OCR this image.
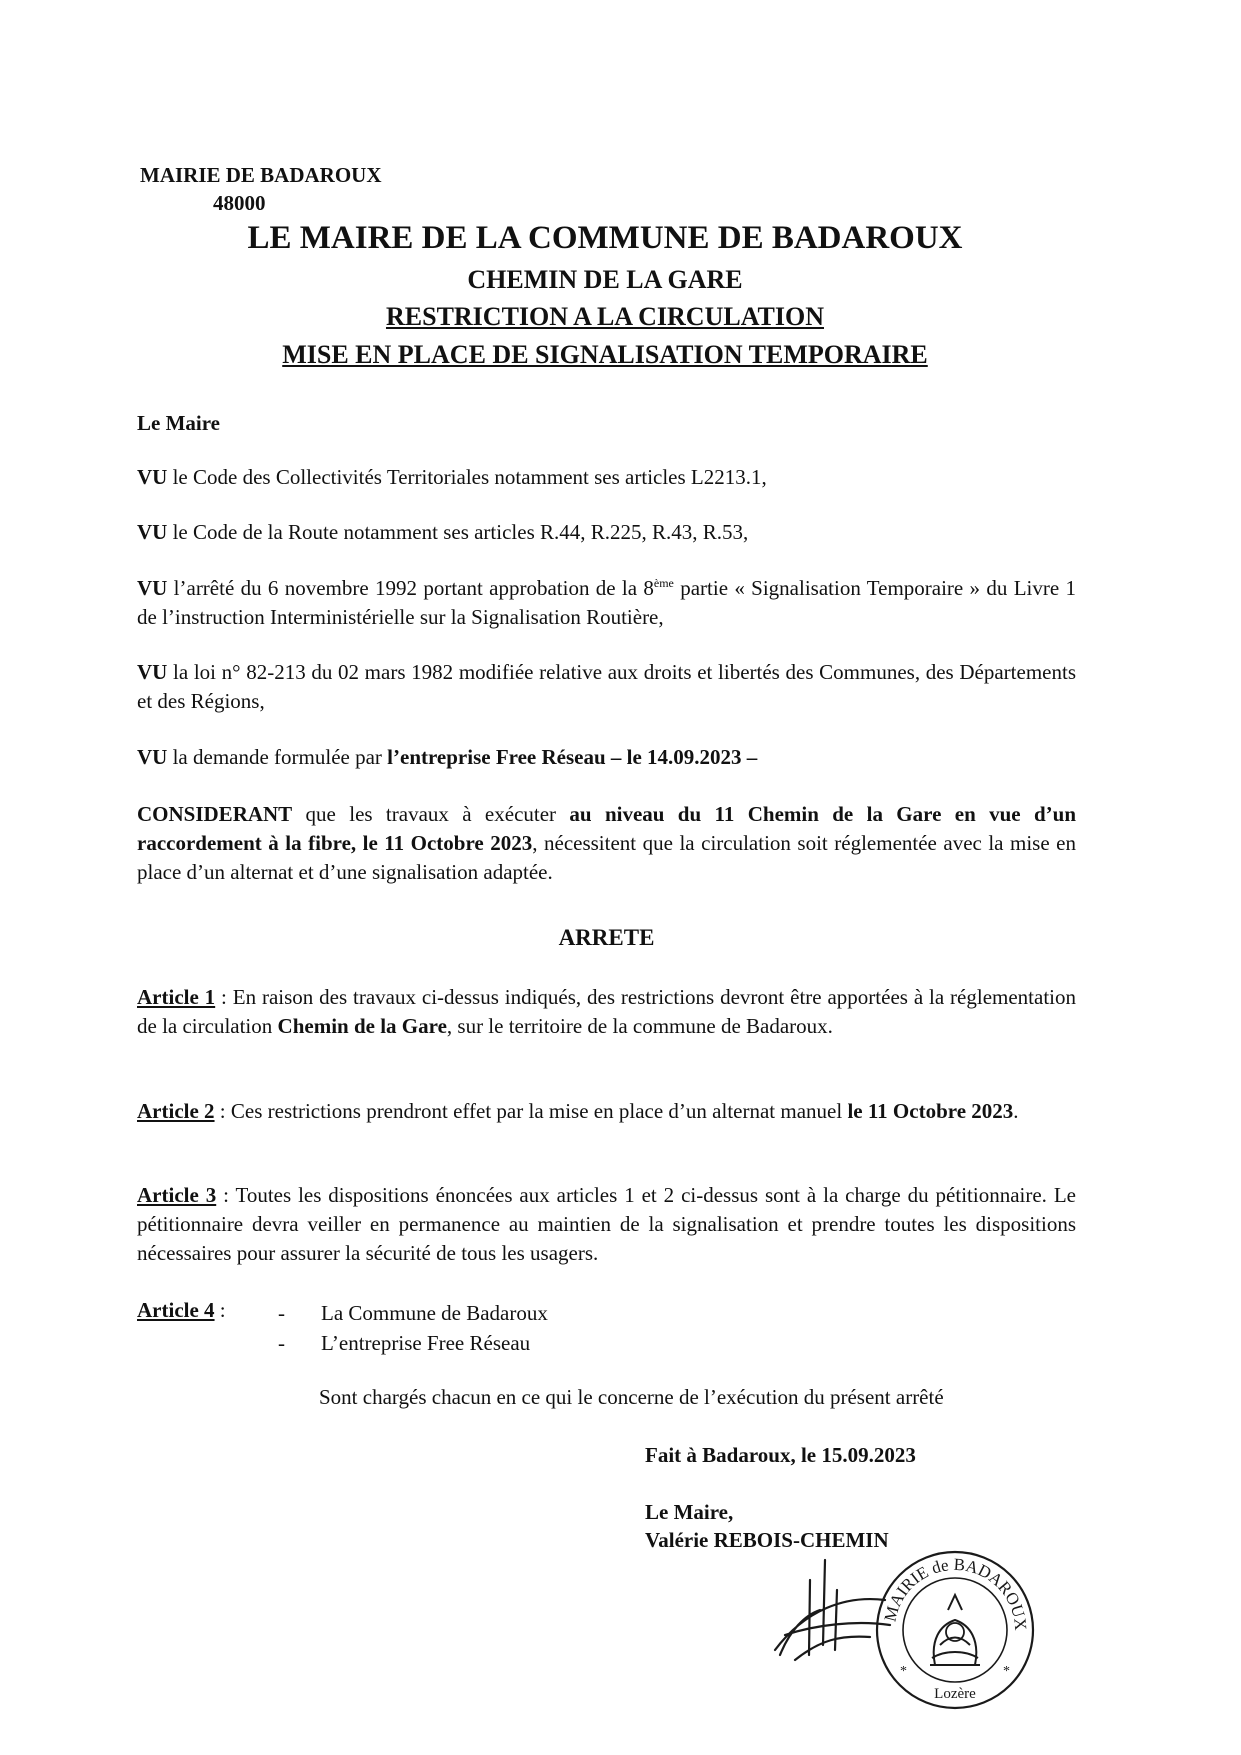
MAIRIE DE BADAROUX
48000
LE MAIRE DE LA COMMUNE DE BADAROUX
CHEMIN DE LA GARE
RESTRICTION A LA CIRCULATION
MISE EN PLACE DE SIGNALISATION TEMPORAIRE
Le Maire
VU le Code des Collectivités Territoriales notamment ses articles L2213.1,
VU le Code de la Route notamment ses articles R.44, R.225, R.43, R.53,
VU l’arrêté du 6 novembre 1992 portant approbation de la 8ème partie « Signalisation Temporaire » du Livre 1 de l’instruction Interministérielle sur la Signalisation Routière,
VU la loi n° 82-213 du 02 mars 1982 modifiée relative aux droits et libertés des Communes, des Départements et des Régions,
VU la demande formulée par l’entreprise Free Réseau – le 14.09.2023 –
CONSIDERANT que les travaux à exécuter au niveau du 11 Chemin de la Gare en vue d’un raccordement à la fibre, le 11 Octobre 2023, nécessitent que la circulation soit réglementée avec la mise en place d’un alternat et d’une signalisation adaptée.
ARRETE
Article 1 : En raison des travaux ci-dessus indiqués, des restrictions devront être apportées à la réglementation de la circulation Chemin de la Gare, sur le territoire de la commune de Badaroux.
Article 2 : Ces restrictions prendront effet par la mise en place d’un alternat manuel le 11 Octobre 2023.
Article 3 : Toutes les dispositions énoncées aux articles 1 et 2 ci-dessus sont à la charge du pétitionnaire. Le pétitionnaire devra veiller en permanence au maintien de la signalisation et prendre toutes les dispositions nécessaires pour assurer la sécurité de tous les usagers.
Article 4 : - La Commune de Badaroux
- L’entreprise Free Réseau
Sont chargés chacun en ce qui le concerne de l’exécution du présent arrêté
Fait à Badaroux, le 15.09.2023
Le Maire,
Valérie REBOIS-CHEMIN
MAIRIE de BADAROUX
Lozère
*	*
